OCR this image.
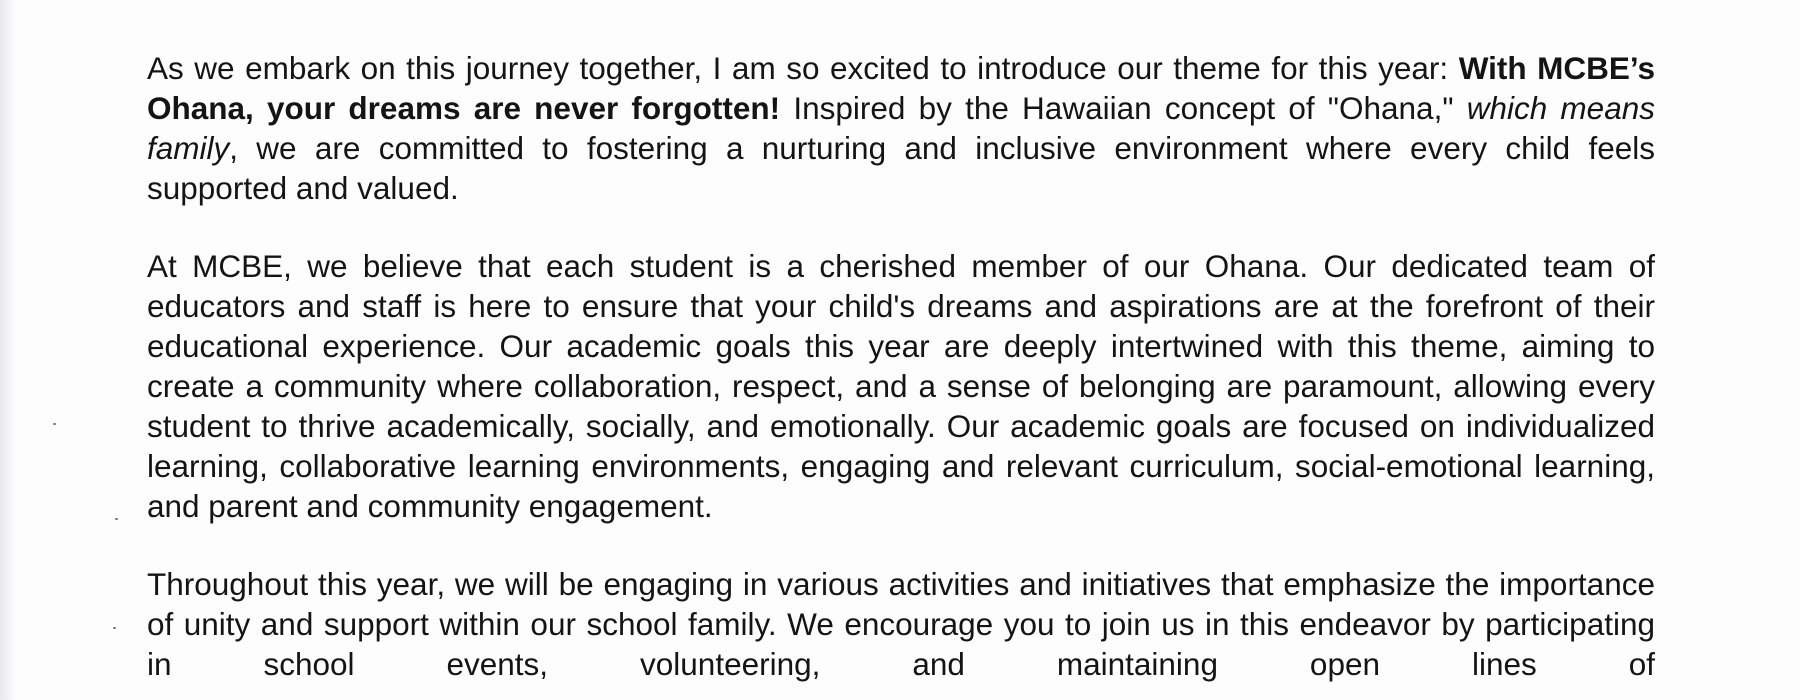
As we embark on this journey together, I am so excited to introduce our theme for this year: With MCBE’s Ohana, your dreams are never forgotten! Inspired by the Hawaiian concept of "Ohana," which means family, we are committed to fostering a nurturing and inclusive environment where every child feels supported and valued.

At MCBE, we believe that each student is a cherished member of our Ohana. Our dedicated team of educators and staff is here to ensure that your child's dreams and aspirations are at the forefront of their educational experience. Our academic goals this year are deeply intertwined with this theme, aiming to create a community where collaboration, respect, and a sense of belonging are paramount, allowing every student to thrive academically, socially, and emotionally. Our academic goals are focused on individualized learning, collaborative learning environments, engaging and relevant curriculum, social-emotional learning, and parent and community engagement.

Throughout this year, we will be engaging in various activities and initiatives that emphasize the importance of unity and support within our school family. We encourage you to join us in this endeavor by participating in school events, volunteering, and maintaining open lines of
